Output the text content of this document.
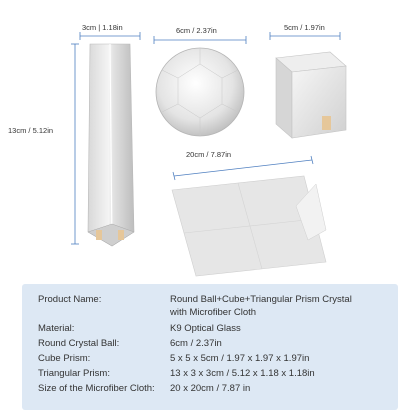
3cm | 1.18in
13cm / 5.12in
6cm / 2.37in	5cm / 1.97in
20cm / 7.87in
Product Name:	Round Ball+Cube+Triangular Prism Crystal
with Microfiber Cloth
Material:	K9 Optical Glass
Round Crystal Ball:	6cm / 2.37in
Cube Prism:	5 x 5 x 5cm / 1.97 x 1.97 x 1.97in
Triangular Prism:	13 x 3 x 3cm / 5.12 x 1.18 x 1.18in
Size of the Microfiber Cloth: 20 x 20cm / 7.87 in
